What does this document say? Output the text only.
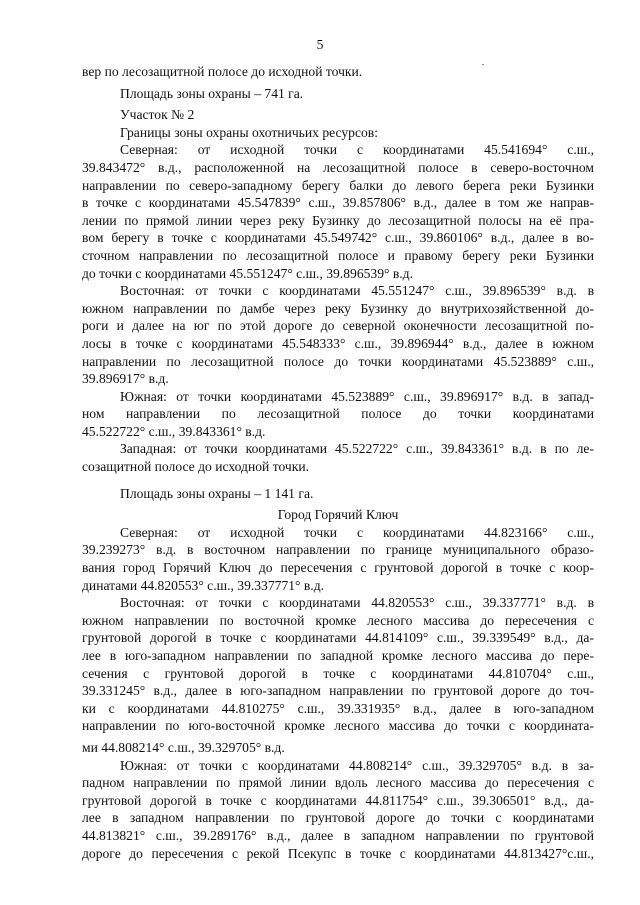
5
вер по лесозащитной полосе до исходной точки.
Площадь зоны охраны – 741 га.
Участок № 2
Границы зоны охраны охотничьих ресурсов:
Северная: от исходной точки с координатами 45.541694° с.ш.,
39.843472° в.д., расположенной на лесозащитной полосе в северо-восточном
направлении по северо-западному берегу балки до левого берега реки Бузинки
в точке с координатами 45.547839° с.ш., 39.857806° в.д., далее в том же направ-
лении по прямой линии через реку Бузинку до лесозащитной полосы на её пра-
вом берегу в точке с координатами 45.549742° с.ш., 39.860106° в.д., далее в во-
сточном направлении по лесозащитной полосе и правому берегу реки Бузинки
до точки с координатами 45.551247° с.ш., 39.896539° в.д.
Восточная: от точки с координатами 45.551247° с.ш., 39.896539° в.д. в
южном направлении по дамбе через реку Бузинку до внутрихозяйственной до-
роги и далее на юг по этой дороге до северной оконечности лесозащитной по-
лосы в точке с координатами 45.548333° с.ш., 39.896944° в.д., далее в южном
направлении по лесозащитной полосе до точки координатами 45.523889° с.ш.,
39.896917° в.д.
Южная: от точки координатами 45.523889° с.ш., 39.896917° в.д. в запад-
ном направлении по лесозащитной полосе до точки координатами
45.522722° с.ш., 39.843361° в.д.
Западная: от точки координатами 45.522722° с.ш., 39.843361° в.д. в по ле-
созащитной полосе до исходной точки.
Площадь зоны охраны – 1 141 га.
Город Горячий Ключ
Северная: от исходной точки с координатами 44.823166° с.ш.,
39.239273° в.д. в восточном направлении по границе муниципального образо-
вания город Горячий Ключ до пересечения с грунтовой дорогой в точке с коор-
динатами 44.820553° с.ш., 39.337771° в.д.
Восточная: от точки с координатами 44.820553° с.ш., 39.337771° в.д. в
южном направлении по восточной кромке лесного массива до пересечения с
грунтовой дорогой в точке с координатами 44.814109° с.ш., 39.339549° в.д., да-
лее в юго-западном направлении по западной кромке лесного массива до пере-
сечения с грунтовой дорогой в точке с координатами 44.810704° с.ш.,
39.331245° в.д., далее в юго-западном направлении по грунтовой дороге до точ-
ки с координатами 44.810275° с.ш., 39.331935° в.д., далее в юго-западном
направлении по юго-восточной кромке лесного массива до точки с координата-
ми 44.808214° с.ш., 39.329705° в.д.
Южная: от точки с координатами 44.808214° с.ш., 39.329705° в.д. в за-
падном направлении по прямой линии вдоль лесного массива до пересечения с
грунтовой дорогой в точке с координатами 44.811754° с.ш., 39.306501° в.д., да-
лее в западном направлении по грунтовой дороге до точки с координатами
44.813821° с.ш., 39.289176° в.д., далее в западном направлении по грунтовой
дороге до пересечения с рекой Псекупс в точке с координатами 44.813427°с.ш.,
